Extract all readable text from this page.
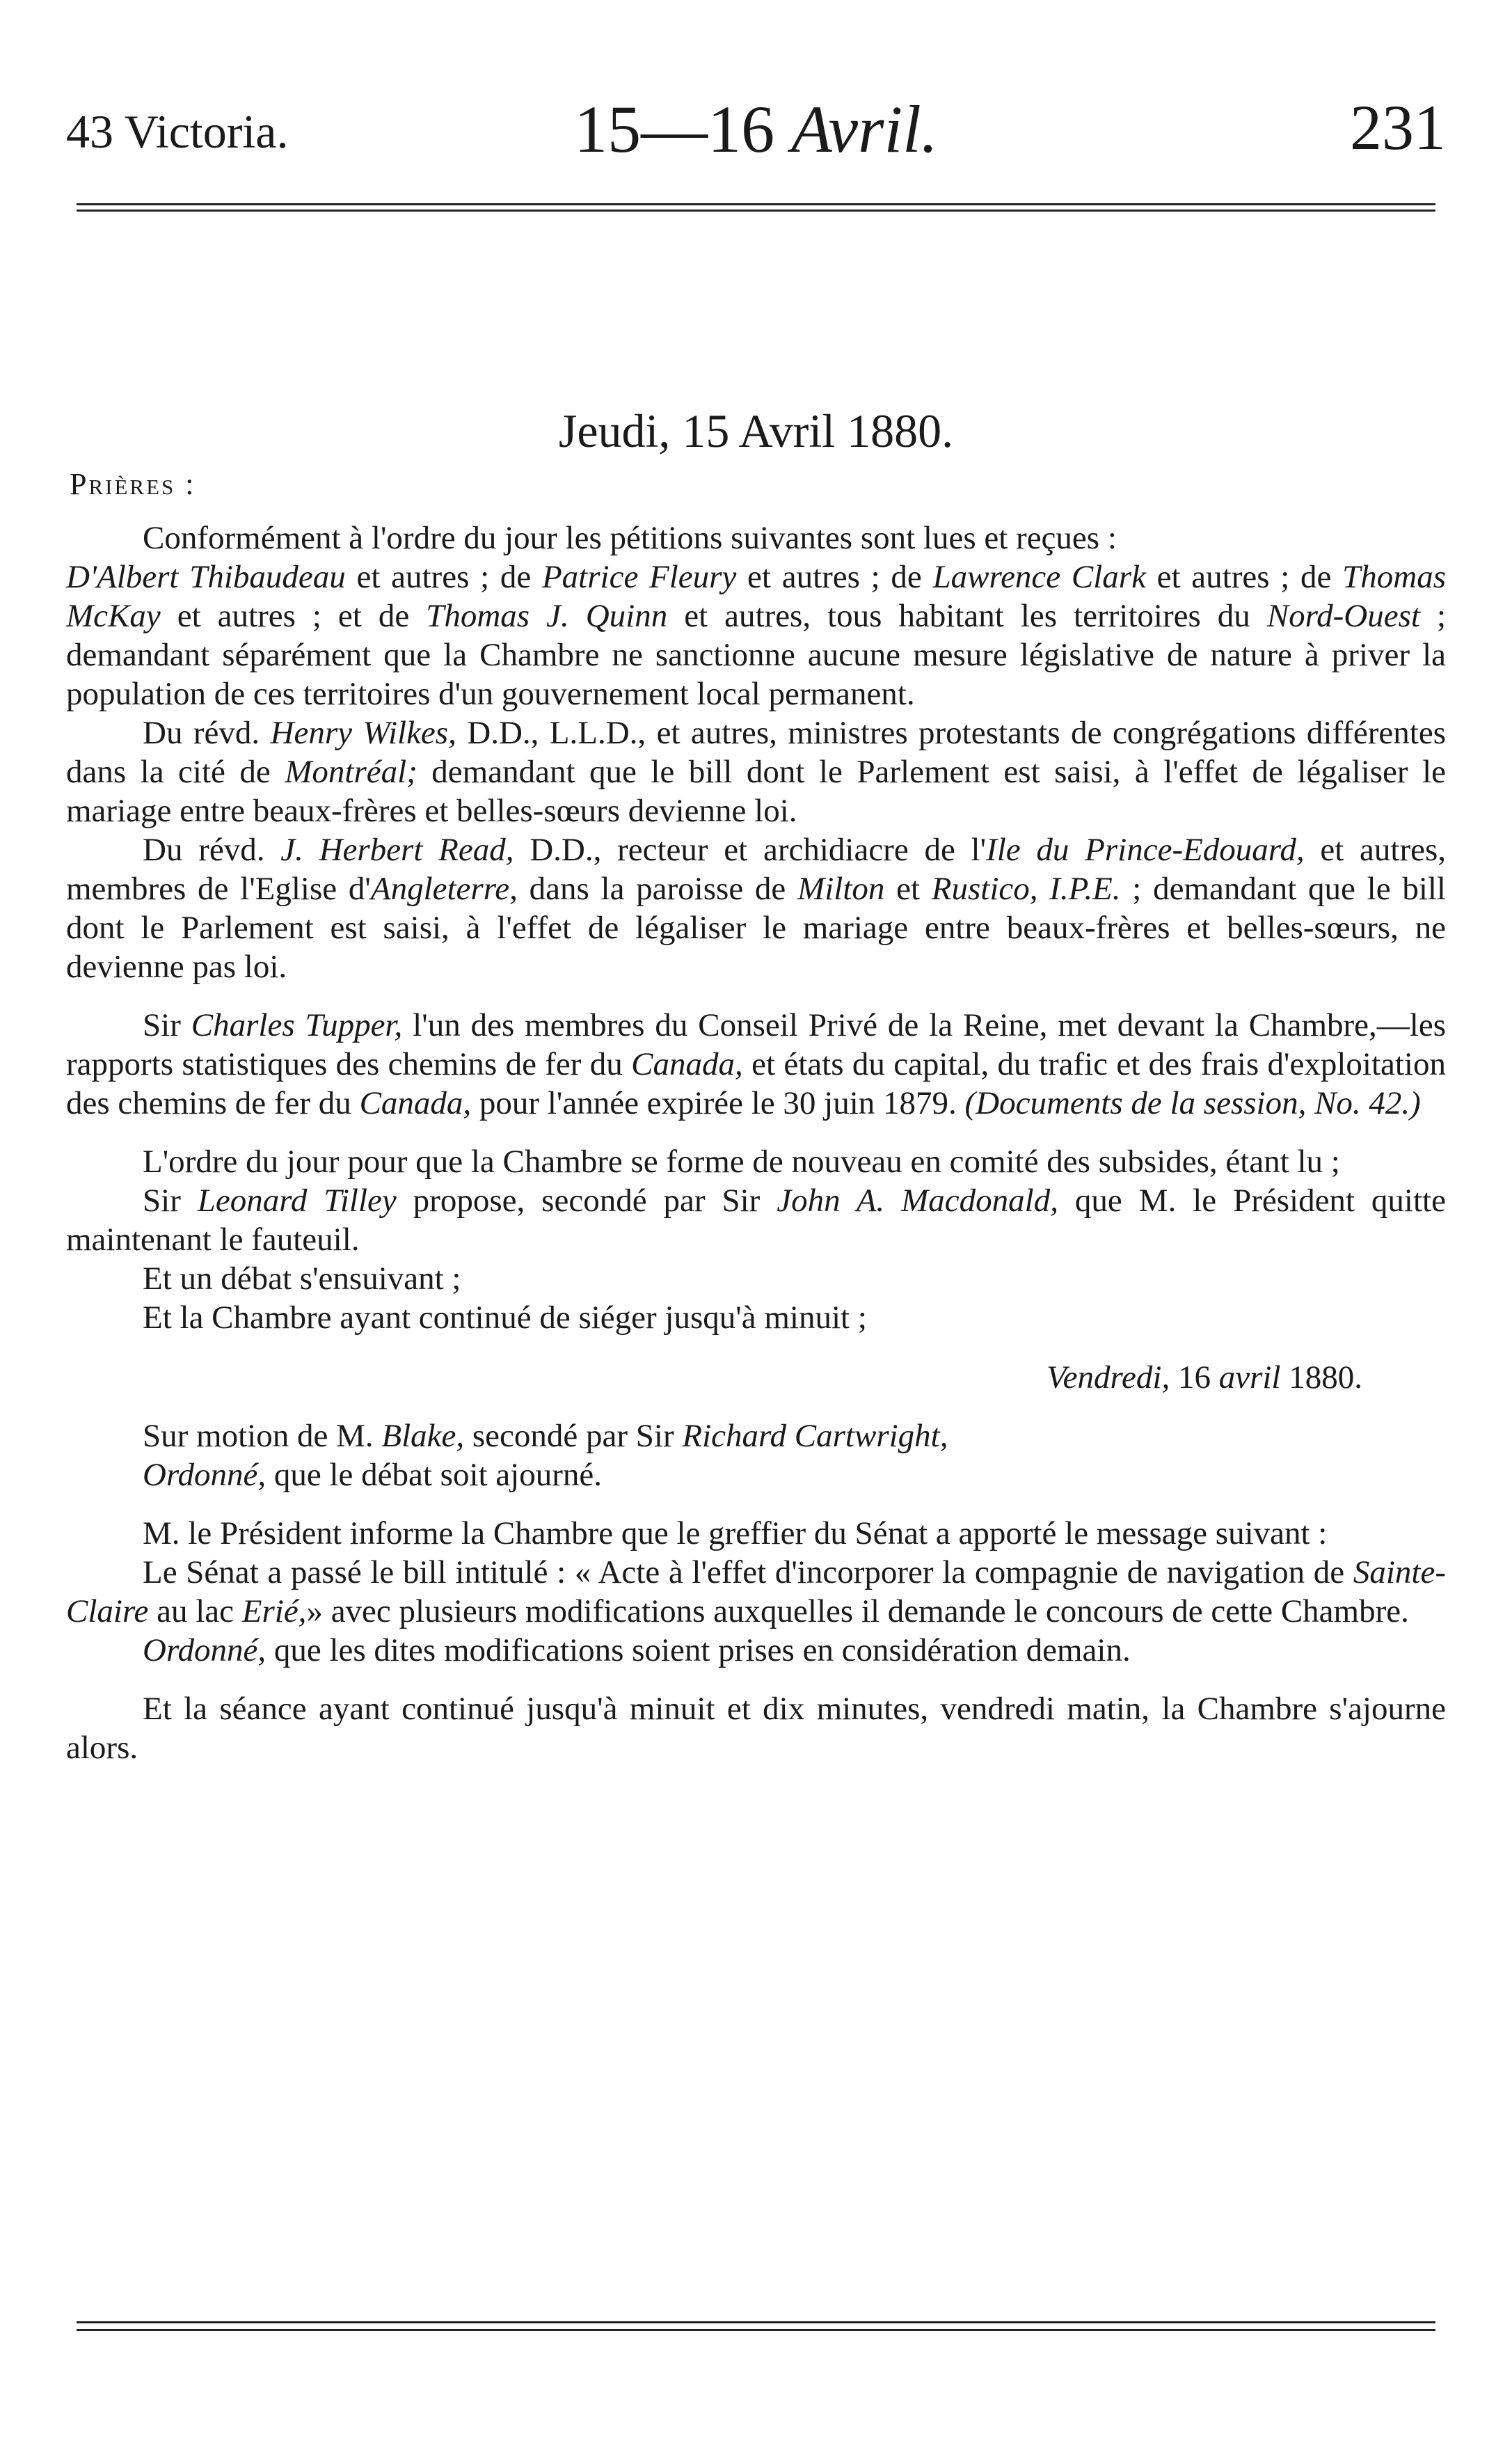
43 Victoria.	15—16 Avril.	231
Jeudi, 15 Avril 1880.
Prières :

Conformément à l'ordre du jour les pétitions suivantes sont lues et reçues :
D'Albert Thibaudeau et autres ; de Patrice Fleury et autres ; de Lawrence Clark et autres ; de Thomas McKay et autres ; et de Thomas J. Quinn et autres, tous habitant les territoires du Nord-Ouest ; demandant séparément que la Chambre ne sanctionne aucune mesure législative de nature à priver la population de ces territoires d'un gouvernement local permanent.

Du révd. Henry Wilkes, D.D., L.L.D., et autres, ministres protestants de congrégations différentes dans la cité de Montréal; demandant que le bill dont le Parlement est saisi, à l'effet de légaliser le mariage entre beaux-frères et belles-sœurs devienne loi.

Du révd. J. Herbert Read, D.D., recteur et archidiacre de l'Ile du Prince-Edouard, et autres, membres de l'Eglise d'Angleterre, dans la paroisse de Milton et Rustico, I.P.E. ; demandant que le bill dont le Parlement est saisi, à l'effet de légaliser le mariage entre beaux-frères et belles-sœurs, ne devienne pas loi.

Sir Charles Tupper, l'un des membres du Conseil Privé de la Reine, met devant la Chambre,—les rapports statistiques des chemins de fer du Canada, et états du capital, du trafic et des frais d'exploitation des chemins de fer du Canada, pour l'année expirée le 30 juin 1879. (Documents de la session, No. 42.)

L'ordre du jour pour que la Chambre se forme de nouveau en comité des subsides, étant lu ;

Sir Leonard Tilley propose, secondé par Sir John A. Macdonald, que M. le Président quitte maintenant le fauteuil.

Et un débat s'ensuivant ;

Et la Chambre ayant continué de siéger jusqu'à minuit ;

Vendredi, 16 avril 1880.

Sur motion de M. Blake, secondé par Sir Richard Cartwright,

Ordonné, que le débat soit ajourné.

M. le Président informe la Chambre que le greffier du Sénat a apporté le message suivant :

Le Sénat a passé le bill intitulé : « Acte à l'effet d'incorporer la compagnie de navigation de Sainte-Claire au lac Erié,» avec plusieurs modifications auxquelles il demande le concours de cette Chambre.

Ordonné, que les dites modifications soient prises en considération demain.

Et la séance ayant continué jusqu'à minuit et dix minutes, vendredi matin, la Chambre s'ajourne alors.
